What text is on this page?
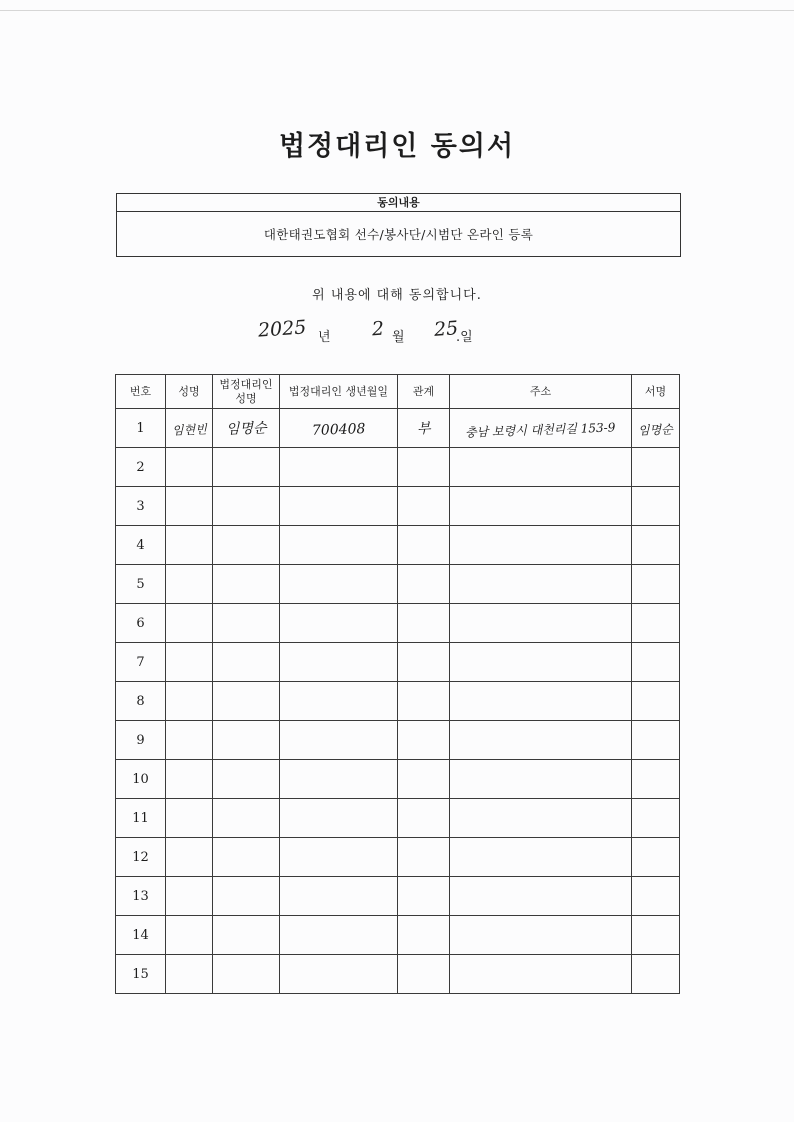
법정대리인 동의서
동의내용
대한태권도협회 선수/봉사단/시범단 온라인 등록
위 내용에 대해 동의합니다.
2025 년 2 월 25
.일
번호	성명	법정대리인 성명	법정대리인 생년월일	관계	주소	서명
1	임현빈	임명순	700408	부	충남 보령시 대천리길 153-9	임명순
2						
3						
4						
5						
6						
7						
8						
9						
10						
11						
12						
13						
14						
15						
